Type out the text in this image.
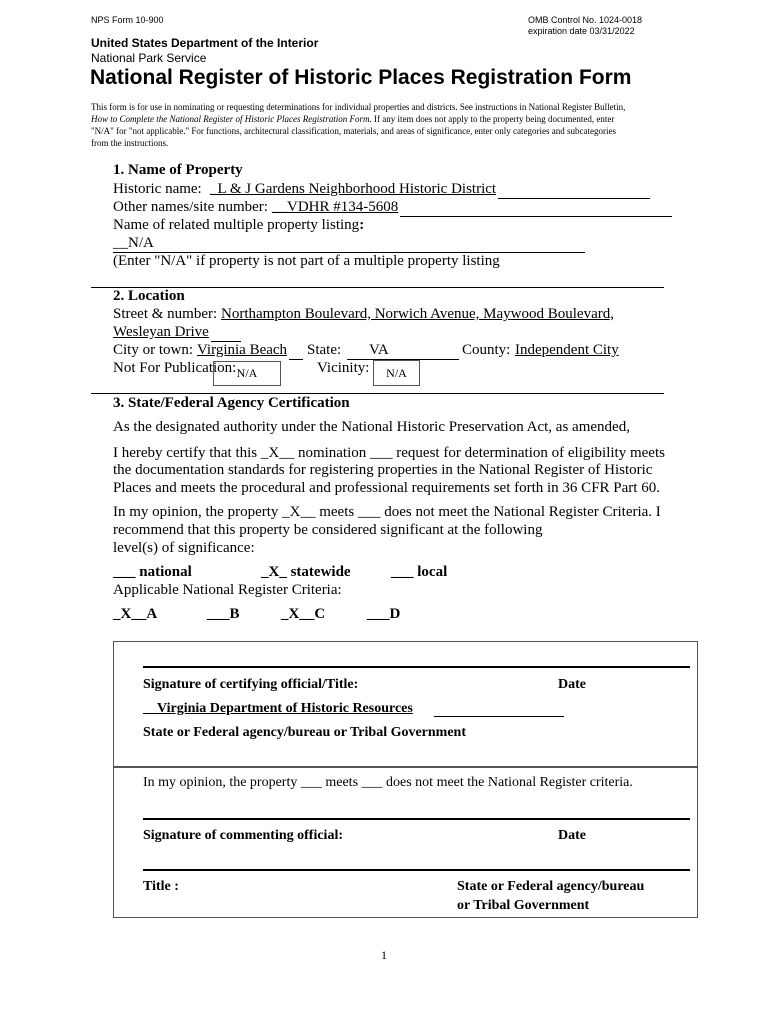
NPS Form 10-900	OMB Control No. 1024-0018
expiration date 03/31/2022
United States Department of the Interior
National Park Service
National Register of Historic Places Registration Form
This form is for use in nominating or requesting determinations for individual properties and districts. See instructions in National Register Bulletin,
How to Complete the National Register of Historic Places Registration Form. If any item does not apply to the property being documented, enter
"N/A" for "not applicable." For functions, architectural classification, materials, and areas of significance, enter only categories and subcategories
from the instructions.
1. Name of Property
Historic name: _L & J Gardens Neighborhood Historic District
Other names/site number: __VDHR #134-5608
Name of related multiple property listing:
__N/A
(Enter "N/A" if property is not part of a multiple property listing
2. Location
Street & number: Northampton Boulevard, Norwich Avenue, Maywood Boulevard,
Wesleyan Drive
City or town: Virginia Beach State: VA	County: Independent City
Not For Publication: N/A	Vicinity: N/A
3. State/Federal Agency Certification
As the designated authority under the National Historic Preservation Act, as amended,
I hereby certify that this _X__ nomination ___ request for determination of eligibility meets
the documentation standards for registering properties in the National Register of Historic
Places and meets the procedural and professional requirements set forth in 36 CFR Part 60.
In my opinion, the property _X__ meets ___ does not meet the National Register Criteria. I
recommend that this property be considered significant at the following
level(s) of significance:
___ national	_X_ statewide	___ local
Applicable National Register Criteria:
_X__A	___B	_X__C	___D
Signature of certifying official/Title:	Date
__Virginia Department of Historic Resources
State or Federal agency/bureau or Tribal Government
In my opinion, the property ___ meets ___ does not meet the National Register criteria.
Signature of commenting official:	Date
Title :	State or Federal agency/bureau
or Tribal Government
1
